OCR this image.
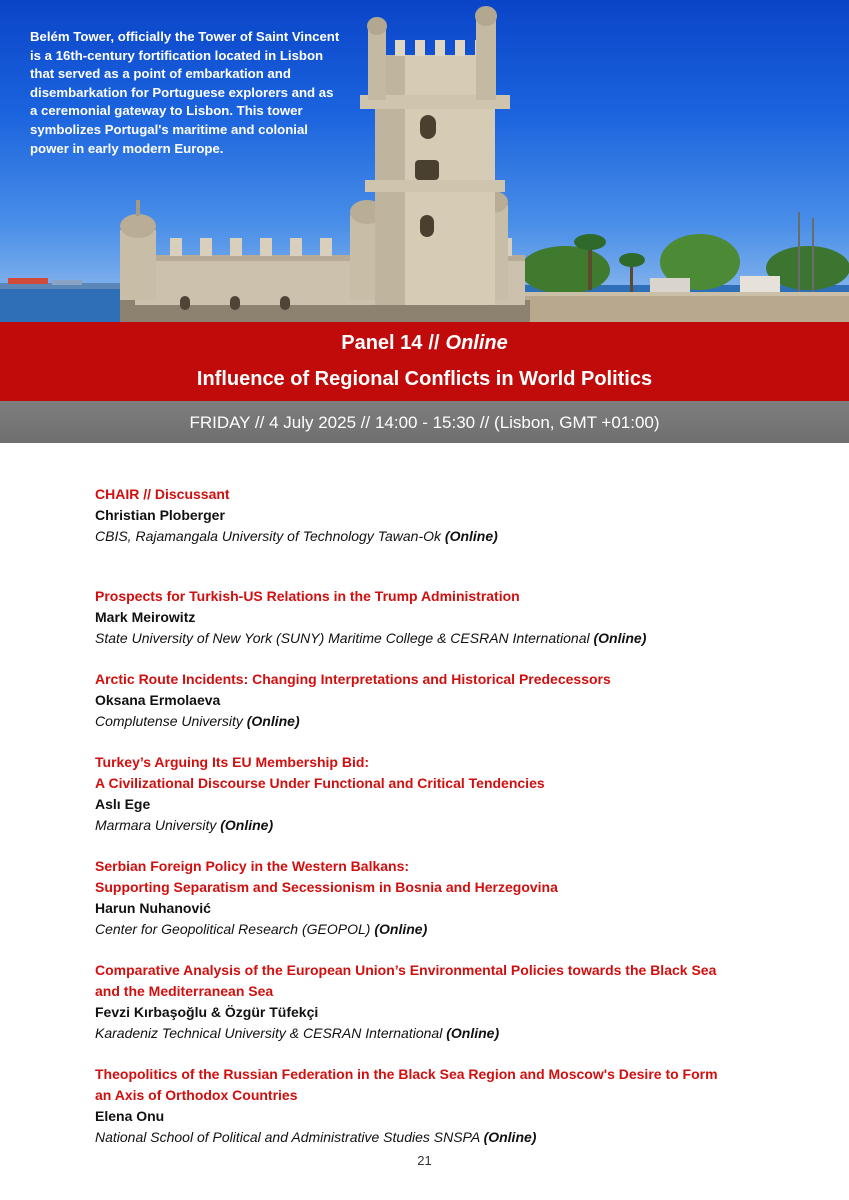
Belém Tower, officially the Tower of Saint Vincent is a 16th-century fortification located in Lisbon that served as a point of embarkation and disembarkation for Portuguese explorers and as a ceremonial gateway to Lisbon. This tower symbolizes Portugal's maritime and colonial power in early modern Europe.

Panel 14 // Online
Influence of Regional Conflicts in World Politics
FRIDAY // 4 July 2025 // 14:00 - 15:30 // (Lisbon, GMT +01:00)
CHAIR // Discussant
Christian Ploberger
CBIS, Rajamangala University of Technology Tawan-Ok (Online)
Prospects for Turkish-US Relations in the Trump Administration
Mark Meirowitz
State University of New York (SUNY) Maritime College & CESRAN International (Online)
Arctic Route Incidents: Changing Interpretations and Historical Predecessors
Oksana Ermolaeva
Complutense University (Online)
Turkey’s Arguing Its EU Membership Bid:
A Civilizational Discourse Under Functional and Critical Tendencies
Aslı Ege
Marmara University (Online)
Serbian Foreign Policy in the Western Balkans:
Supporting Separatism and Secessionism in Bosnia and Herzegovina
Harun Nuhanović
Center for Geopolitical Research (GEOPOL) (Online)
Comparative Analysis of the European Union’s Environmental Policies towards the Black Sea
and the Mediterranean Sea
Fevzi Kırbaşoğlu & Özgür Tüfekçi
Karadeniz Technical University & CESRAN International (Online)
Theopolitics of the Russian Federation in the Black Sea Region and Moscow's Desire to Form
an Axis of Orthodox Countries
Elena Onu
National School of Political and Administrative Studies SNSPA (Online)
21
